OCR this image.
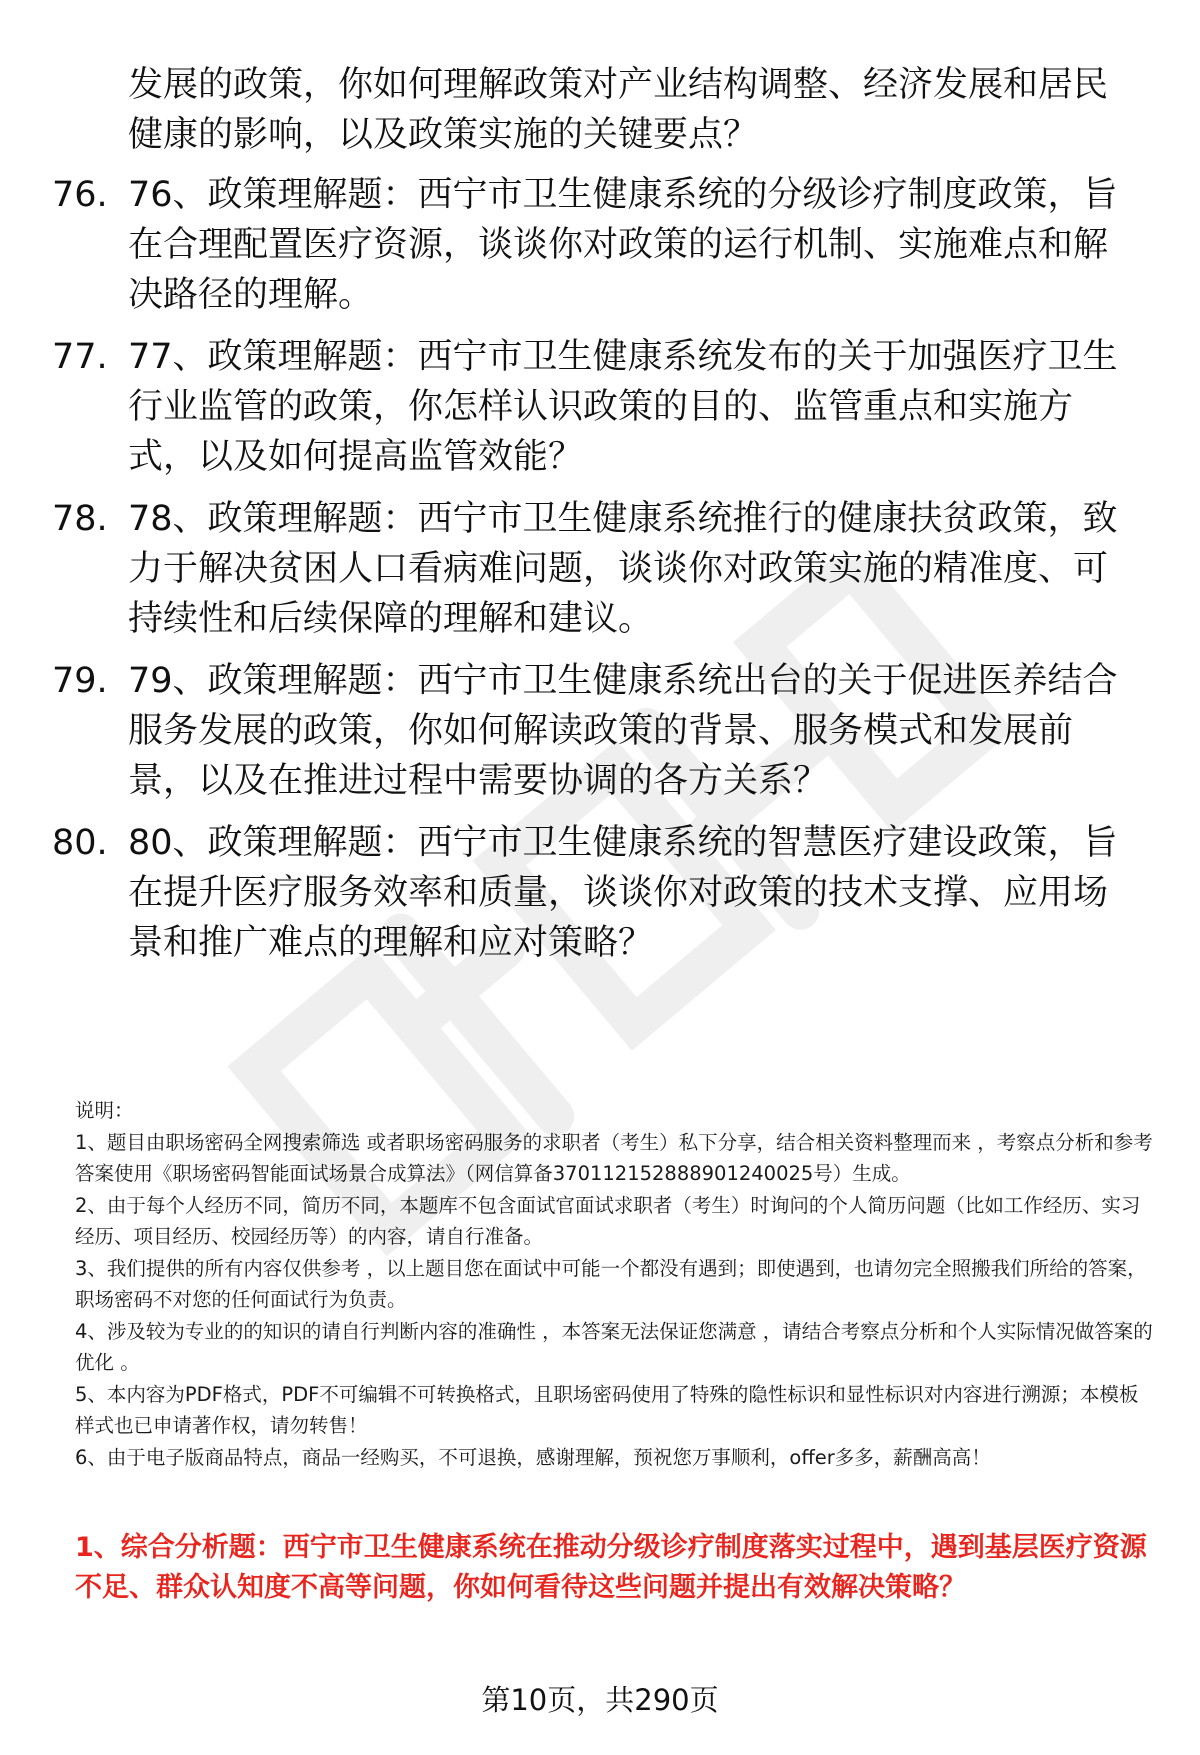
发展的政策，你如何理解政策对产业结构调整、经济发展和居民健康的影响，以及政策实施的关键要点？
76. 76、政策理解题：西宁市卫生健康系统的分级诊疗制度政策，旨在合理配置医疗资源，谈谈你对政策的运行机制、实施难点和解决路径的理解。
77. 77、政策理解题：西宁市卫生健康系统发布的关于加强医疗卫生行业监管的政策，你怎样认识政策的目的、监管重点和实施方式，以及如何提高监管效能？
78. 78、政策理解题：西宁市卫生健康系统推行的健康扶贫政策，致力于解决贫困人口看病难问题，谈谈你对政策实施的精准度、可持续性和后续保障的理解和建议。
79. 79、政策理解题：西宁市卫生健康系统出台的关于促进医养结合服务发展的政策，你如何解读政策的背景、服务模式和发展前景，以及在推进过程中需要协调的各方关系？
80. 80、政策理解题：西宁市卫生健康系统的智慧医疗建设政策，旨在提升医疗服务效率和质量，谈谈你对政策的技术支撑、应用场景和推广难点的理解和应对策略？

说明：

1、题目由职场密码全网搜索筛选 或者职场密码服务的求职者（考生）私下分享，结合相关资料整理而来 ，考察点分析和参考答案使用《职场密码智能面试场景合成算法》（网信算备370112152888901240025号）生成。

2、由于每个人经历不同，简历不同，本题库不包含面试官面试求职者（考生）时询问的个人简历问题（比如工作经历、实习经历、项目经历、校园经历等）的内容，请自行准备。

3、我们提供的所有内容仅供参考 ，以上题目您在面试中可能一个都没有遇到；即使遇到，也请勿完全照搬我们所给的答案，职场密码不对您的任何面试行为负责。

4、涉及较为专业的的知识的请自行判断内容的准确性 ，本答案无法保证您满意 ，请结合考察点分析和个人实际情况做答案的优化 。

5、本内容为PDF格式，PDF不可编辑不可转换格式，且职场密码使用了特殊的隐性标识和显性标识对内容进行溯源；本模板样式也已申请著作权，请勿转售！

6、由于电子版商品特点，商品一经购买，不可退换，感谢理解，预祝您万事顺利，offer多多，薪酬高高！

1、综合分析题：西宁市卫生健康系统在推动分级诊疗制度落实过程中，遇到基层医疗资源不足、群众认知度不高等问题，你如何看待这些问题并提出有效解决策略？
第10页，共290页
